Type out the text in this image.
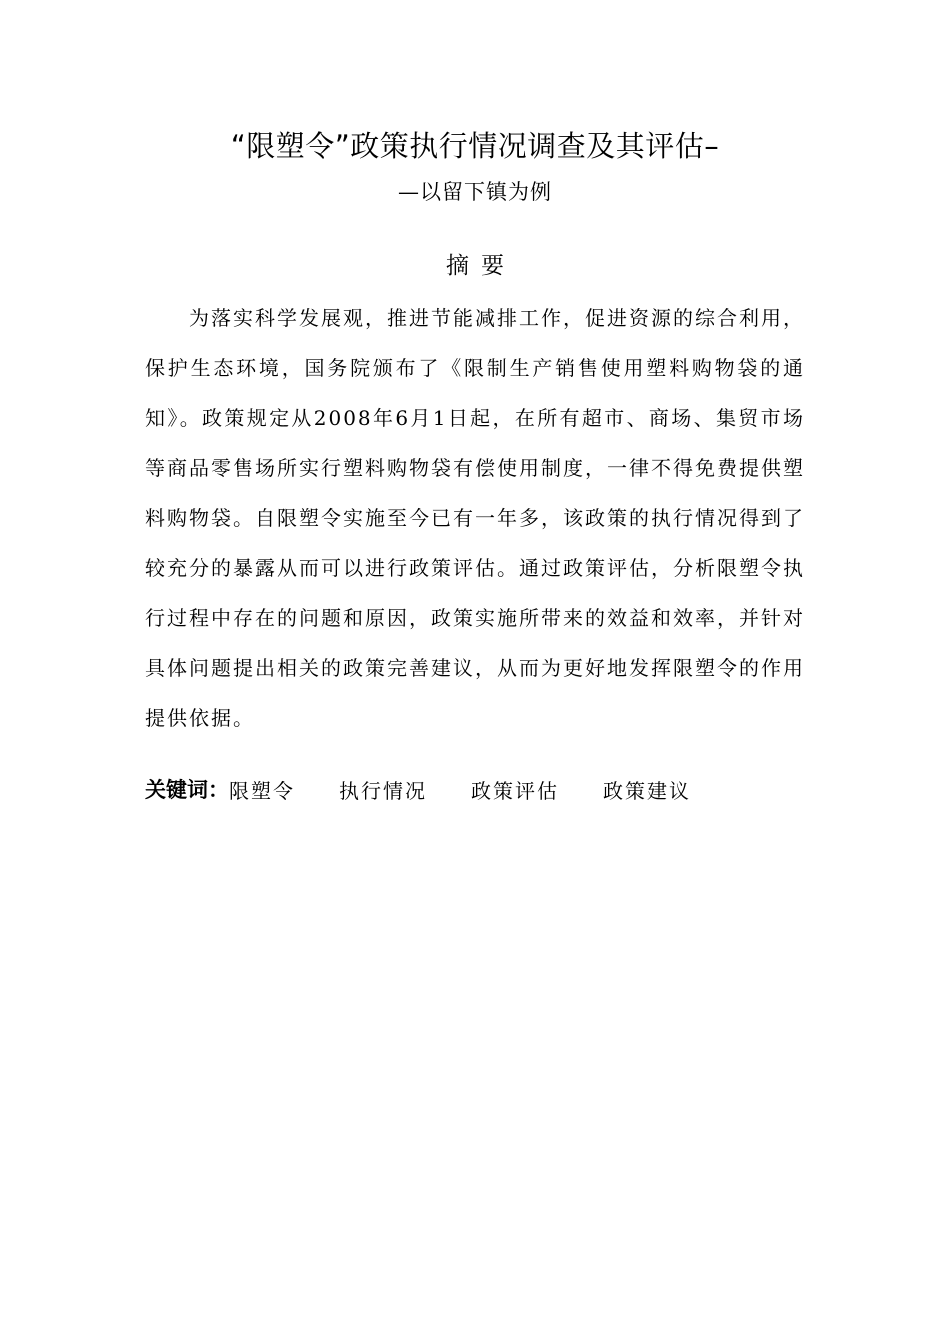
“限塑令”政策执行情况调查及其评估–
—以留下镇为例
摘要

为落实科学发展观，推进节能减排工作，促进资源的综合利用，保护生态环境，国务院颁布了《限制生产销售使用塑料购物袋的通知》。政策规定从2008年6月1日起，在所有超市、商场、集贸市场等商品零售场所实行塑料购物袋有偿使用制度，一律不得免费提供塑料购物袋。自限塑令实施至今已有一年多，该政策的执行情况得到了较充分的暴露从而可以进行政策评估。通过政策评估，分析限塑令执行过程中存在的问题和原因，政策实施所带来的效益和效率，并针对具体问题提出相关的政策完善建议，从而为更好地发挥限塑令的作用提供依据。

关键词： 限塑令 执行情况 政策评估 政策建议
